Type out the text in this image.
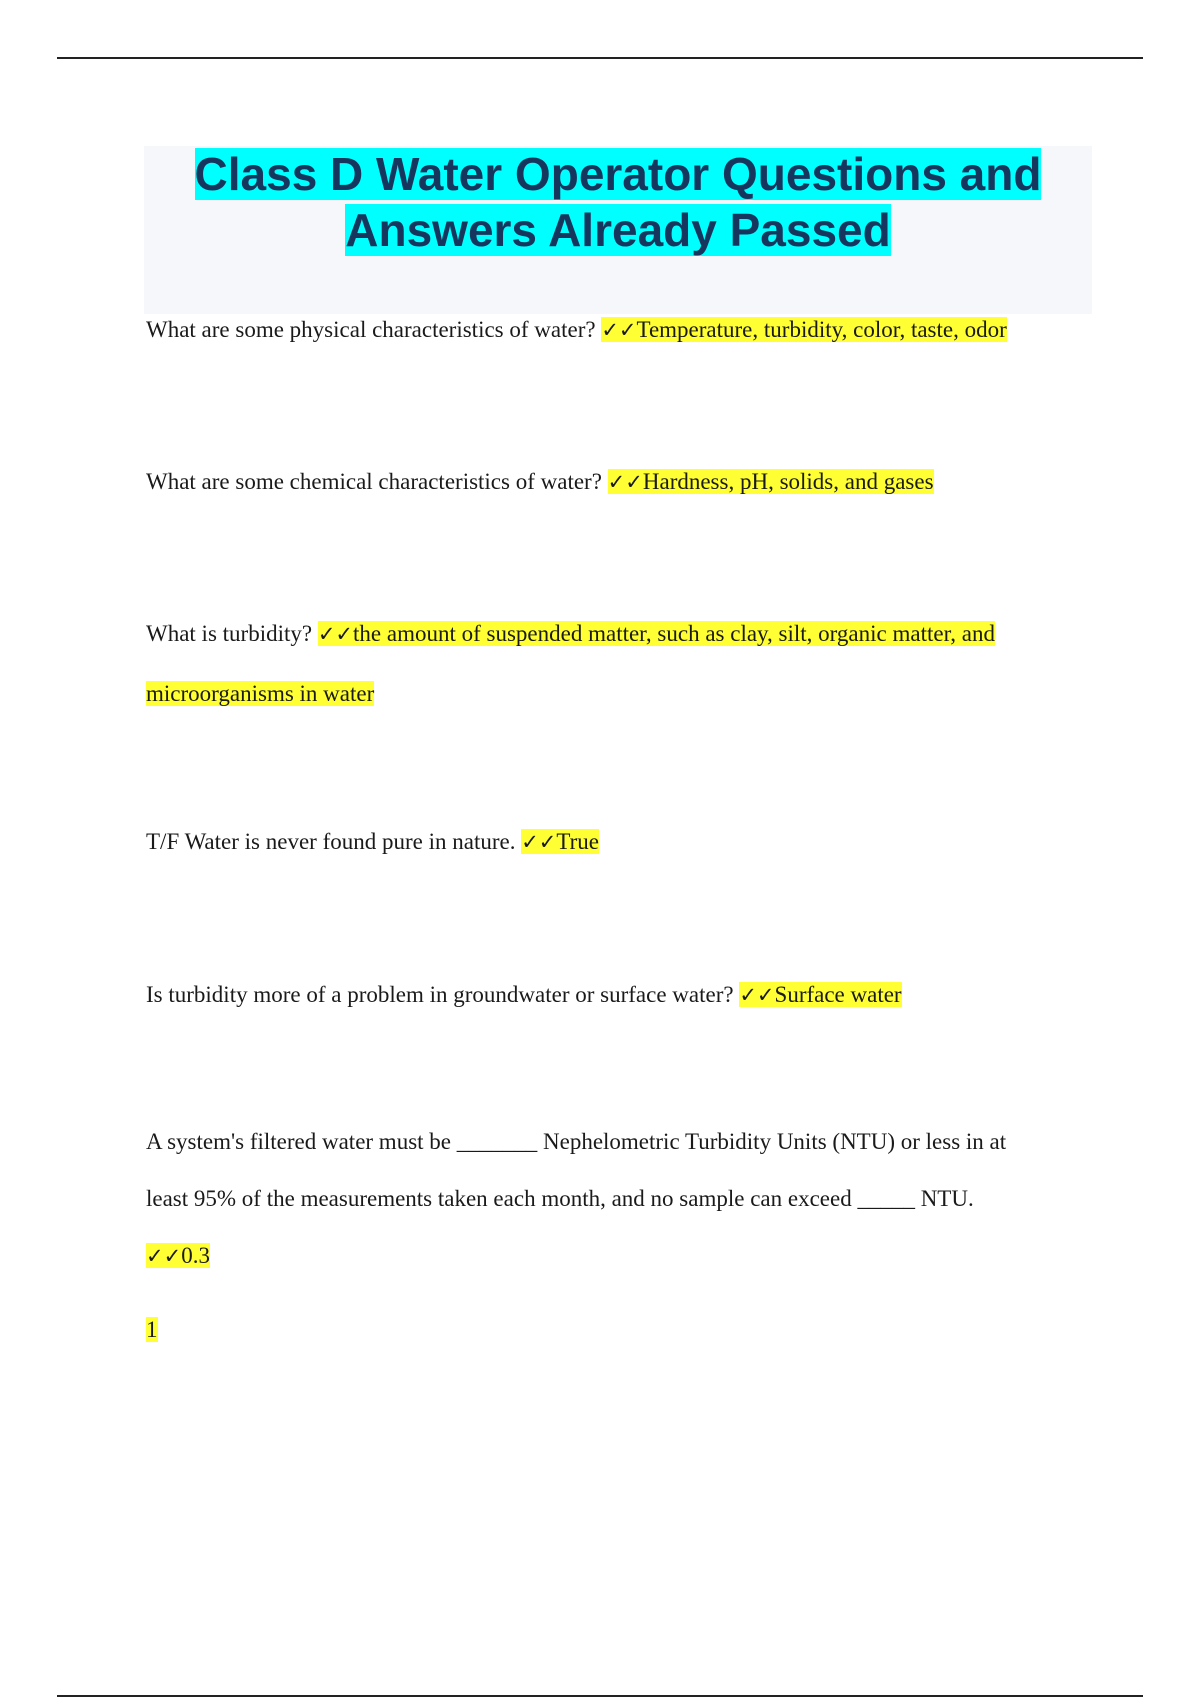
Class D Water Operator Questions and
Answers Already Passed
What are some physical characteristics of water? ✓✓Temperature, turbidity, color, taste, odor
What are some chemical characteristics of water? ✓✓Hardness, pH, solids, and gases
What is turbidity? ✓✓the amount of suspended matter, such as clay, silt, organic matter, and
microorganisms in water
T/F Water is never found pure in nature. ✓✓True
Is turbidity more of a problem in groundwater or surface water? ✓✓Surface water
A system's filtered water must be _______ Nephelometric Turbidity Units (NTU) or less in at
least 95% of the measurements taken each month, and no sample can exceed _____ NTU.
✓✓0.3
1
